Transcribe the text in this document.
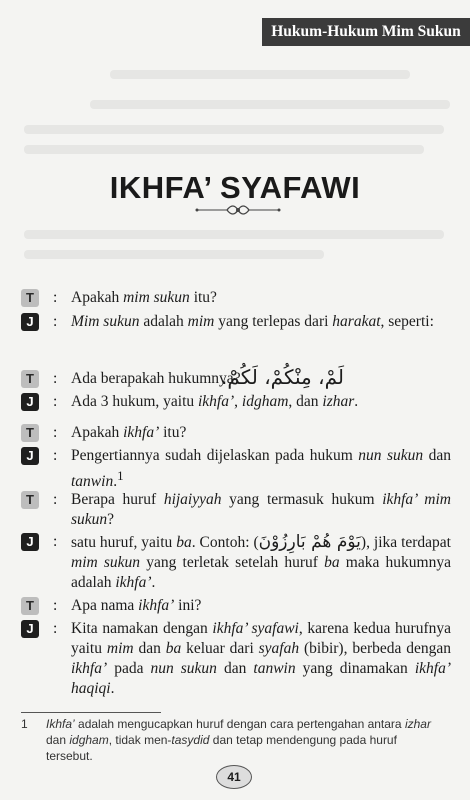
Hukum-Hukum Mim Sukun
IKHFA’ SYAFAWI
T	: Apakah mim sukun itu?
J	: Mim sukun adalah mim yang terlepas dari harakat, seperti:
T	: Ada berapakah hukumnya?
J	: Ada 3 hukum, yaitu ikhfa’, idgham, dan izhar.
T	: Apakah ikhfa’ itu?
J	: Pengertiannya sudah dijelaskan pada hukum nun sukun dan tanwin.$^1$
T	: Berapa huruf hijaiyyah yang termasuk hukum ikhfa’ mim sukun?
J	: satu huruf, yaitu ba. Contoh: (يَوْمَ هُمْ بَارِزُوْنَ), jika terdapat mim sukun yang terletak setelah huruf ba maka hukumnya adalah ikhfa’.
T	: Apa nama ikhfa’ ini?
J	: Kita namakan dengan ikhfa’ syafawi, karena kedua hurufnya yaitu mim dan ba keluar dari syafah (bibir), berbeda dengan ikhfa’ pada nun sukun dan tanwin yang dinamakan ikhfa’ haqiqi.
لَمْ، مِنْكُمْ، لَكُمْ.
1 Ikhfa’ adalah mengucapkan huruf dengan cara pertengahan antara izhar dan idgham, tidak men-tasydid dan tetap mendengung pada huruf tersebut.
41
